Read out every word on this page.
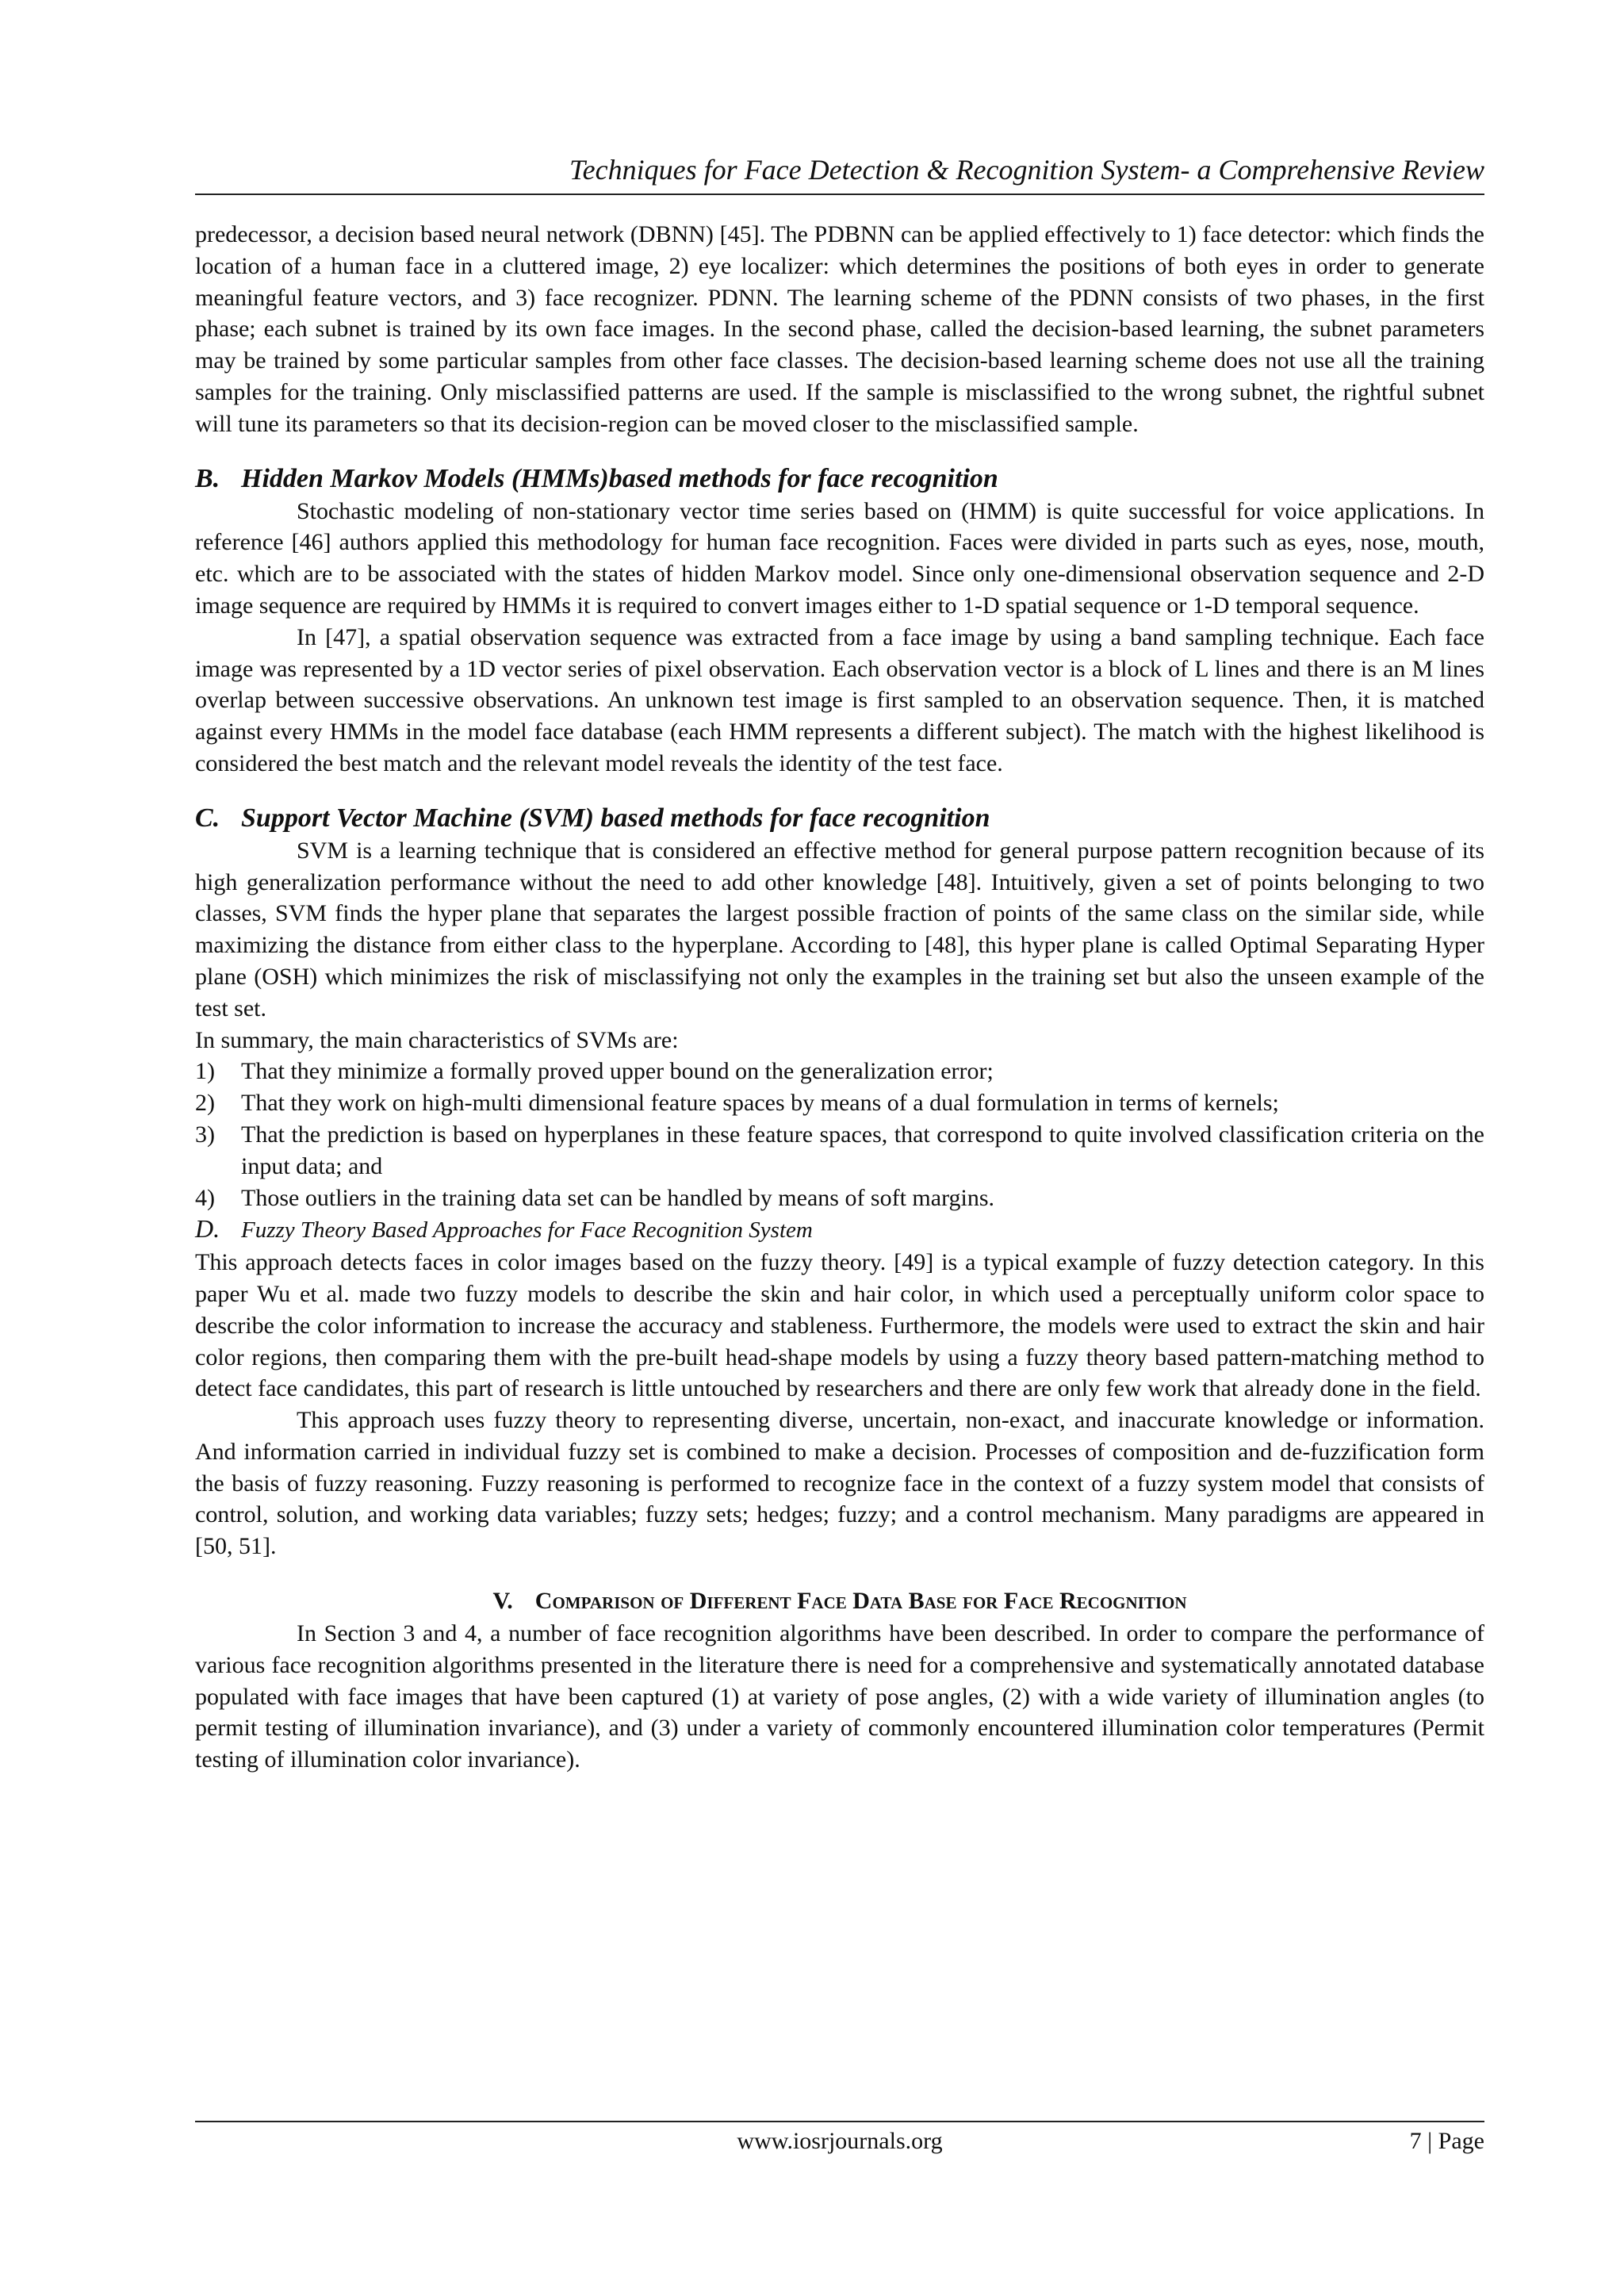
Techniques for Face Detection & Recognition System- a Comprehensive Review

predecessor, a decision based neural network (DBNN) [45]. The PDBNN can be applied effectively to 1) face detector: which finds the location of a human face in a cluttered image, 2) eye localizer: which determines the positions of both eyes in order to generate meaningful feature vectors, and 3) face recognizer. PDNN. The learning scheme of the PDNN consists of two phases, in the first phase; each subnet is trained by its own face images. In the second phase, called the decision-based learning, the subnet parameters may be trained by some particular samples from other face classes. The decision-based learning scheme does not use all the training samples for the training. Only misclassified patterns are used. If the sample is misclassified to the wrong subnet, the rightful subnet will tune its parameters so that its decision-region can be moved closer to the misclassified sample.

B. Hidden Markov Models (HMMs)based methods for face recognition

Stochastic modeling of non-stationary vector time series based on (HMM) is quite successful for voice applications. In reference [46] authors applied this methodology for human face recognition. Faces were divided in parts such as eyes, nose, mouth, etc. which are to be associated with the states of hidden Markov model. Since only one-dimensional observation sequence and 2-D image sequence are required by HMMs it is required to convert images either to 1-D spatial sequence or 1-D temporal sequence.

In [47], a spatial observation sequence was extracted from a face image by using a band sampling technique. Each face image was represented by a 1D vector series of pixel observation. Each observation vector is a block of L lines and there is an M lines overlap between successive observations. An unknown test image is first sampled to an observation sequence. Then, it is matched against every HMMs in the model face database (each HMM represents a different subject). The match with the highest likelihood is considered the best match and the relevant model reveals the identity of the test face.

C. Support Vector Machine (SVM) based methods for face recognition

SVM is a learning technique that is considered an effective method for general purpose pattern recognition because of its high generalization performance without the need to add other knowledge [48]. Intuitively, given a set of points belonging to two classes, SVM finds the hyper plane that separates the largest possible fraction of points of the same class on the similar side, while maximizing the distance from either class to the hyperplane. According to [48], this hyper plane is called Optimal Separating Hyper plane (OSH) which minimizes the risk of misclassifying not only the examples in the training set but also the unseen example of the test set.

In summary, the main characteristics of SVMs are:

1)	That they minimize a formally proved upper bound on the generalization error;
2)	That they work on high-multi dimensional feature spaces by means of a dual formulation in terms of kernels;
3)	That the prediction is based on hyperplanes in these feature spaces, that correspond to quite involved classification criteria on the input data; and
4)	Those outliers in the training data set can be handled by means of soft margins.
D. Fuzzy Theory Based Approaches for Face Recognition System

This approach detects faces in color images based on the fuzzy theory. [49] is a typical example of fuzzy detection category. In this paper Wu et al. made two fuzzy models to describe the skin and hair color, in which used a perceptually uniform color space to describe the color information to increase the accuracy and stableness. Furthermore, the models were used to extract the skin and hair color regions, then comparing them with the pre-built head-shape models by using a fuzzy theory based pattern-matching method to detect face candidates, this part of research is little untouched by researchers and there are only few work that already done in the field.

This approach uses fuzzy theory to representing diverse, uncertain, non-exact, and inaccurate knowledge or information. And information carried in individual fuzzy set is combined to make a decision. Processes of composition and de-fuzzification form the basis of fuzzy reasoning. Fuzzy reasoning is performed to recognize face in the context of a fuzzy system model that consists of control, solution, and working data variables; fuzzy sets; hedges; fuzzy; and a control mechanism. Many paradigms are appeared in [50, 51].

V. Comparison of Different Face Data Base for Face Recognition

In Section 3 and 4, a number of face recognition algorithms have been described. In order to compare the performance of various face recognition algorithms presented in the literature there is need for a comprehensive and systematically annotated database populated with face images that have been captured (1) at variety of pose angles, (2) with a wide variety of illumination angles (to permit testing of illumination invariance), and (3) under a variety of commonly encountered illumination color temperatures (Permit testing of illumination color invariance).

www.iosrjournals.org	7 | Page
